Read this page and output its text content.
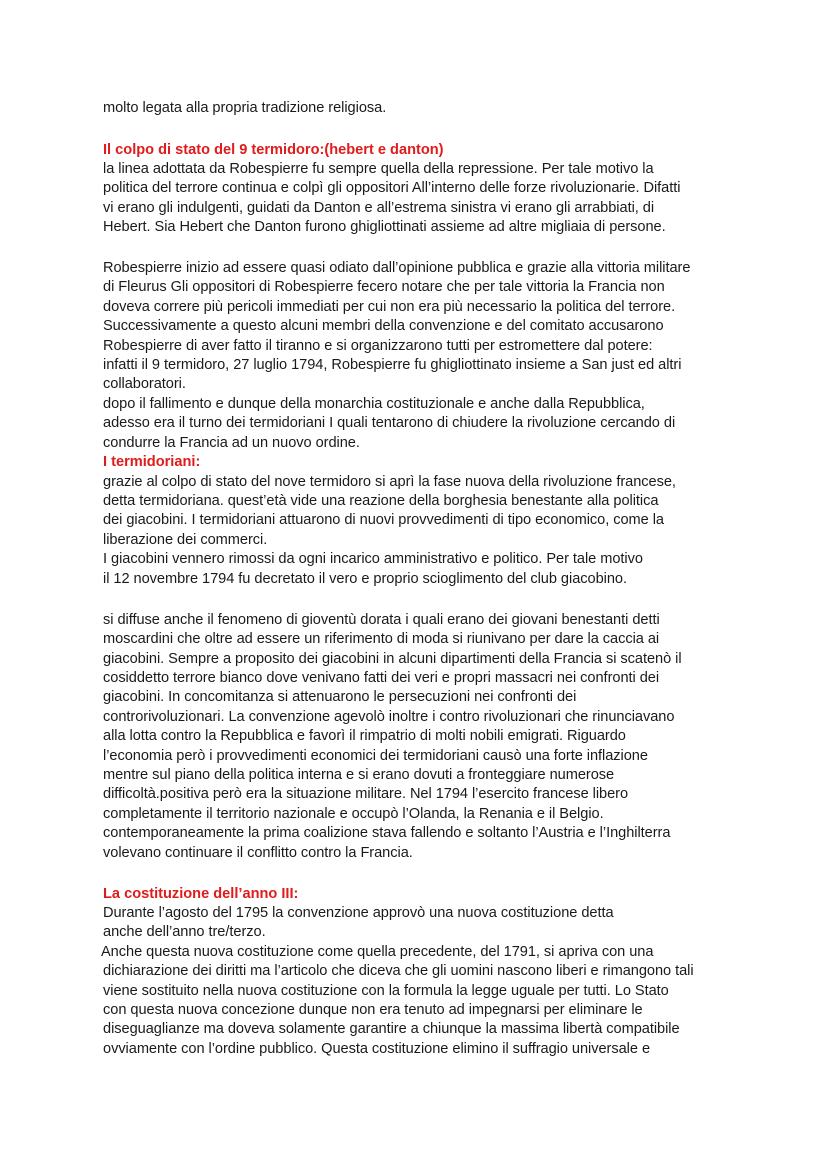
molto legata alla propria tradizione religiosa.
Il colpo di stato del 9 termidoro:(hebert e danton)
la linea adottata da Robespierre fu sempre quella della repressione. Per tale motivo la
politica del terrore continua e colpì gli oppositori All’interno delle forze rivoluzionarie. Difatti
vi erano gli indulgenti, guidati da Danton e all’estrema sinistra vi erano gli arrabbiati, di
Hebert. Sia Hebert che Danton furono ghigliottinati assieme ad altre migliaia di persone.
Robespierre inizio ad essere quasi odiato dall’opinione pubblica e grazie alla vittoria militare
di Fleurus Gli oppositori di Robespierre fecero notare che per tale vittoria la Francia non
doveva correre più pericoli immediati per cui non era più necessario la politica del terrore.
Successivamente a questo alcuni membri della convenzione e del comitato accusarono
Robespierre di aver fatto il tiranno e si organizzarono tutti per estromettere dal potere:
infatti il 9 termidoro, 27 luglio 1794, Robespierre fu ghigliottinato insieme a San just ed altri
collaboratori.
dopo il fallimento e dunque della monarchia costituzionale e anche dalla Repubblica,
adesso era il turno dei termidoriani I quali tentarono di chiudere la rivoluzione cercando di
condurre la Francia ad un nuovo ordine.
I termidoriani:
grazie al colpo di stato del nove termidoro si aprì la fase nuova della rivoluzione francese,
detta termidoriana. quest’età vide una reazione della borghesia benestante alla politica
dei giacobini. I termidoriani attuarono di nuovi provvedimenti di tipo economico, come la
liberazione dei commerci.
I giacobini vennero rimossi da ogni incarico amministrativo e politico. Per tale motivo
il 12 novembre 1794 fu decretato il vero e proprio scioglimento del club giacobino.
si diffuse anche il fenomeno di gioventù dorata i quali erano dei giovani benestanti detti
moscardini che oltre ad essere un riferimento di moda si riunivano per dare la caccia ai
giacobini. Sempre a proposito dei giacobini in alcuni dipartimenti della Francia si scatenò il
cosiddetto terrore bianco dove venivano fatti dei veri e propri massacri nei confronti dei
giacobini. In concomitanza si attenuarono le persecuzioni nei confronti dei
controrivoluzionari. La convenzione agevolò inoltre i contro rivoluzionari che rinunciavano
alla lotta contro la Repubblica e favorì il rimpatrio di molti nobili emigrati. Riguardo
l’economia però i provvedimenti economici dei termidoriani causò una forte inflazione
mentre sul piano della politica interna e si erano dovuti a fronteggiare numerose
difficoltà.positiva però era la situazione militare. Nel 1794 l’esercito francese libero
completamente il territorio nazionale e occupò l’Olanda, la Renania e il Belgio.
contemporaneamente la prima coalizione stava fallendo e soltanto l’Austria e l’Inghilterra
volevano continuare il conflitto contro la Francia.
La costituzione dell’anno III:
Durante l’agosto del 1795 la convenzione approvò una nuova costituzione detta
anche dell’anno tre/terzo.
Anche questa nuova costituzione come quella precedente, del 1791, si apriva con una
dichiarazione dei diritti ma l’articolo che diceva che gli uomini nascono liberi e rimangono tali
viene sostituito nella nuova costituzione con la formula la legge uguale per tutti. Lo Stato
con questa nuova concezione dunque non era tenuto ad impegnarsi per eliminare le
diseguaglianze ma doveva solamente garantire a chiunque la massima libertà compatibile
ovviamente con l’ordine pubblico. Questa costituzione elimino il suffragio universale e
